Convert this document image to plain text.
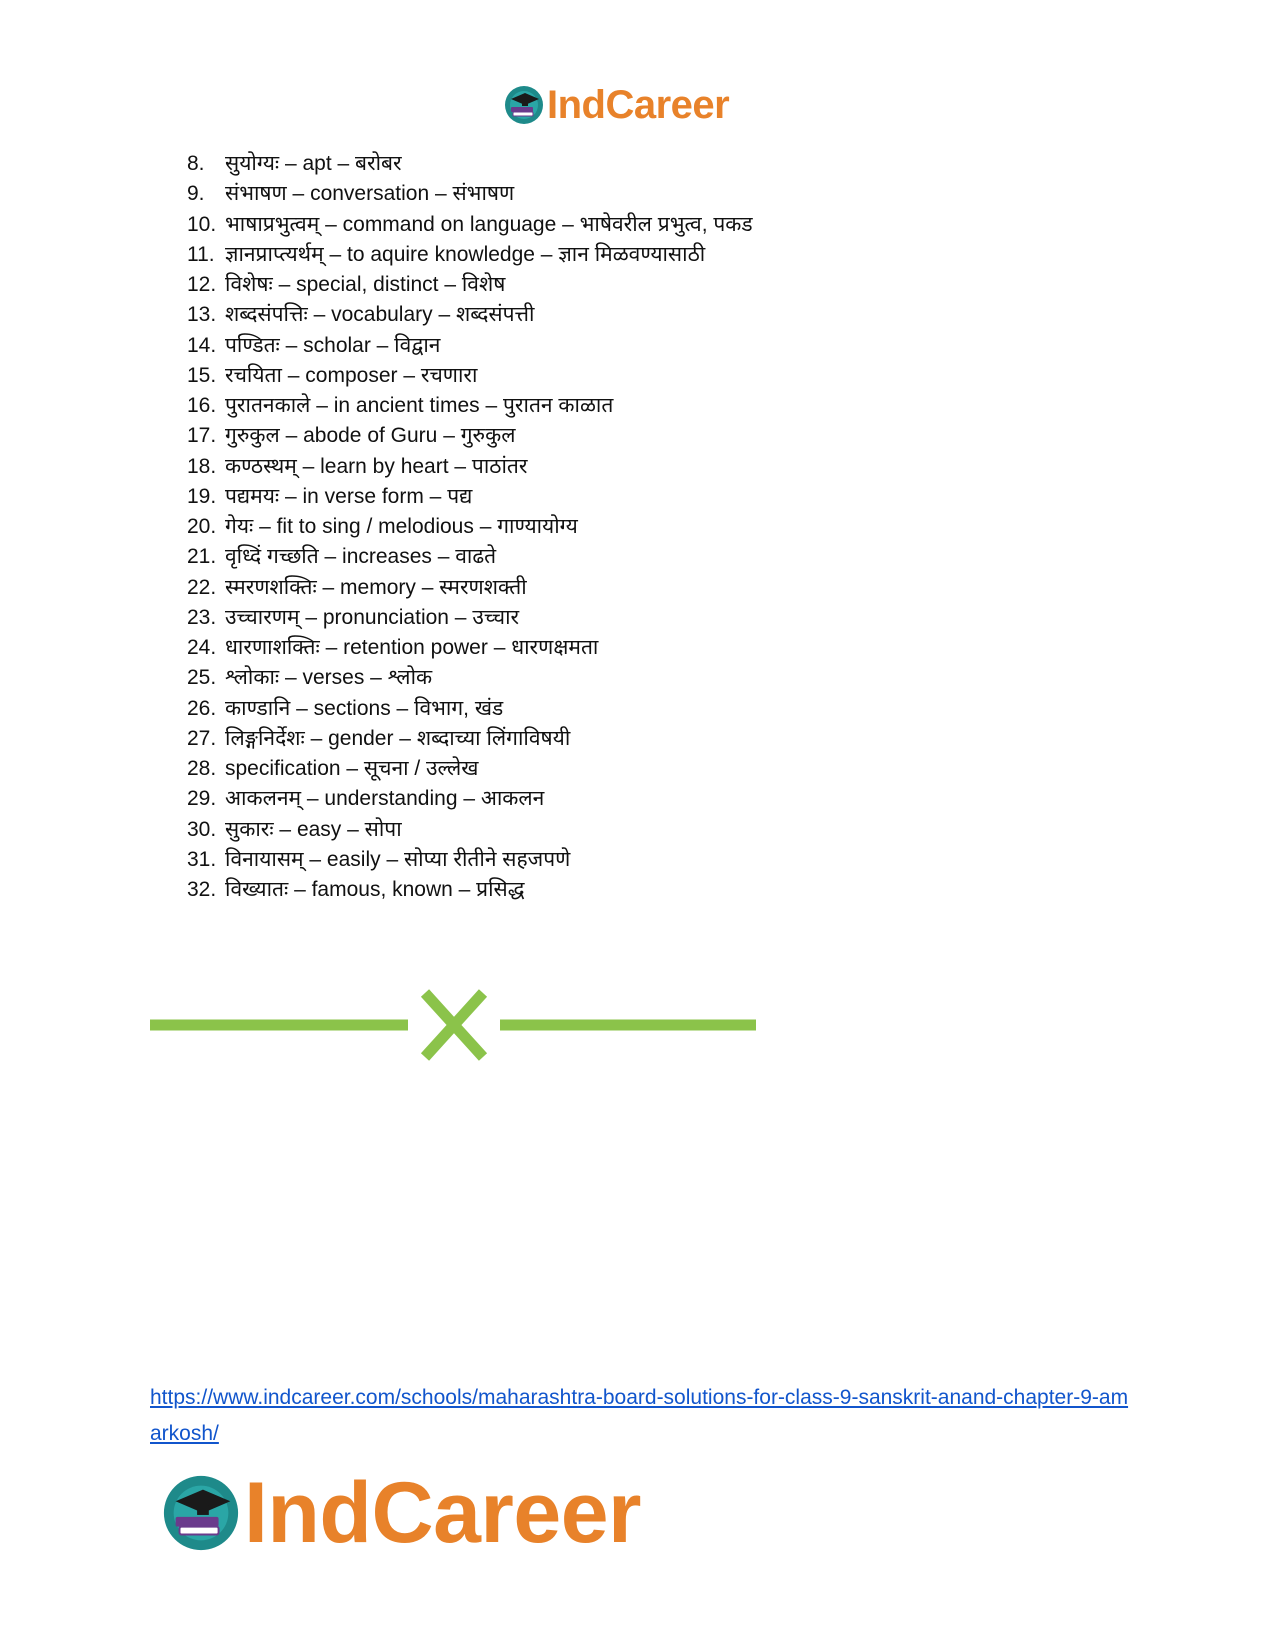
IndCareer
8. सुयोग्यः – apt – बरोबर
9. संभाषण – conversation – संभाषण
10. भाषाप्रभुत्वम् – command on language – भाषेवरील प्रभुत्व, पकड
11. ज्ञानप्राप्त्यर्थम् – to aquire knowledge – ज्ञान मिळवण्यासाठी
12. विशेषः – special, distinct – विशेष
13. शब्दसंपत्तिः – vocabulary – शब्दसंपत्ती
14. पण्डितः – scholar – विद्वान
15. रचयिता – composer – रचणारा
16. पुरातनकाले – in ancient times – पुरातन काळात
17. गुरुकुल – abode of Guru – गुरुकुल
18. कण्ठस्थम् – learn by heart – पाठांतर
19. पद्यमयः – in verse form – पद्य
20. गेयः – fit to sing / melodious – गाण्यायोग्य
21. वृध्दिं गच्छति – increases – वाढते
22. स्मरणशक्तिः – memory – स्मरणशक्ती
23. उच्चारणम् – pronunciation – उच्चार
24. धारणाशक्तिः – retention power – धारणक्षमता
25. श्लोकाः – verses – श्लोक
26. काण्डानि – sections – विभाग, खंड
27. लिङ्गनिर्देशः – gender – शब्दाच्या लिंगाविषयी
28. specification – सूचना / उल्लेख
29. आकलनम् – understanding – आकलन
30. सुकारः – easy – सोपा
31. विनायासम् – easily – सोप्या रीतीने सहजपणे
32. विख्यातः – famous, known – प्रसिद्ध
https://www.indcareer.com/schools/maharashtra-board-solutions-for-class-9-sanskrit-anand-chapter-9-amarkosh/
IndCareer
